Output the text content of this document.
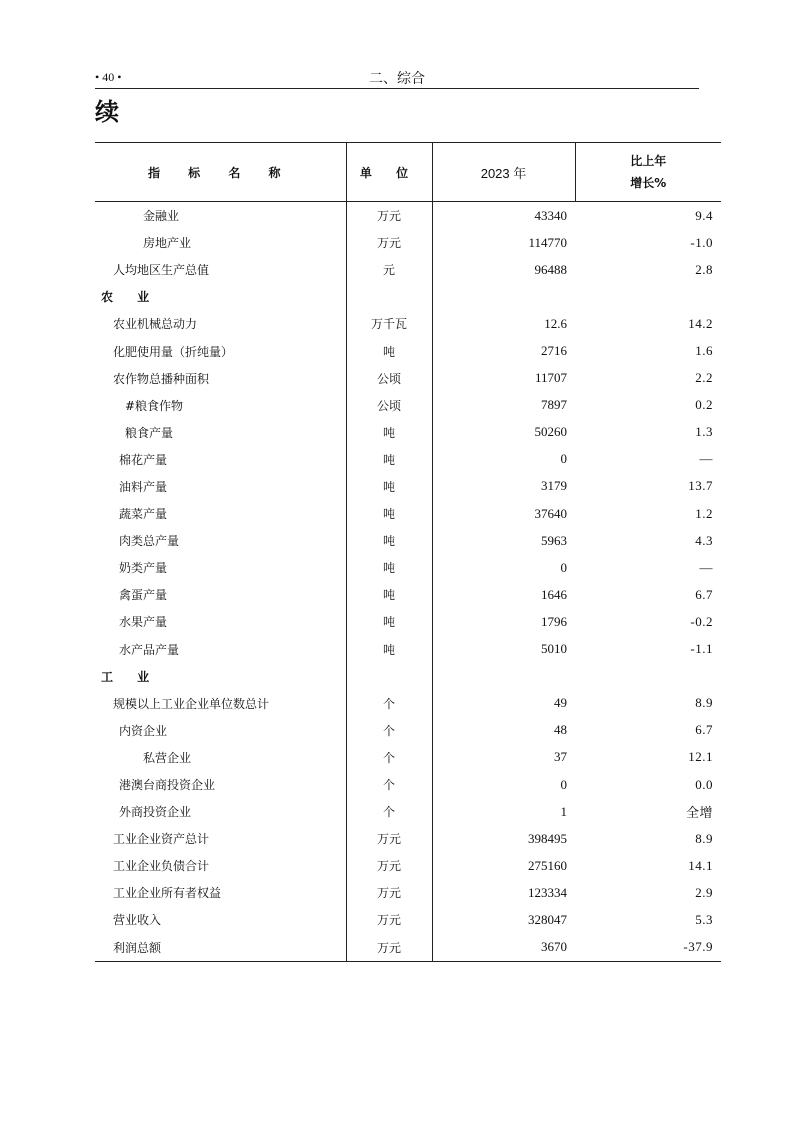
• 40 •	二、综合
续
指 标 名 称	单 位	2023 年	比上年
增长%

金融业	万元	43340	9.4
房地产业	万元	114770	-1.0
人均地区生产总值	元	96488	2.8
农 业			
农业机械总动力	万千瓦	12.6	14.2
化肥使用量（折纯量）	吨	2716	1.6
农作物总播种面积	公顷	11707	2.2
#粮食作物	公顷	7897	0.2
粮食产量	吨	50260	1.3
棉花产量	吨	0	—
油料产量	吨	3179	13.7
蔬菜产量	吨	37640	1.2
肉类总产量	吨	5963	4.3
奶类产量	吨	0	—
禽蛋产量	吨	1646	6.7
水果产量	吨	1796	-0.2
水产品产量	吨	5010	-1.1
工 业			
规模以上工业企业单位数总计	个	49	8.9
内资企业	个	48	6.7
私营企业	个	37	12.1
港澳台商投资企业	个	0	0.0
外商投资企业	个	1	全增
工业企业资产总计	万元	398495	8.9
工业企业负债合计	万元	275160	14.1
工业企业所有者权益	万元	123334	2.9
营业收入	万元	328047	5.3
利润总额	万元	3670	-37.9
